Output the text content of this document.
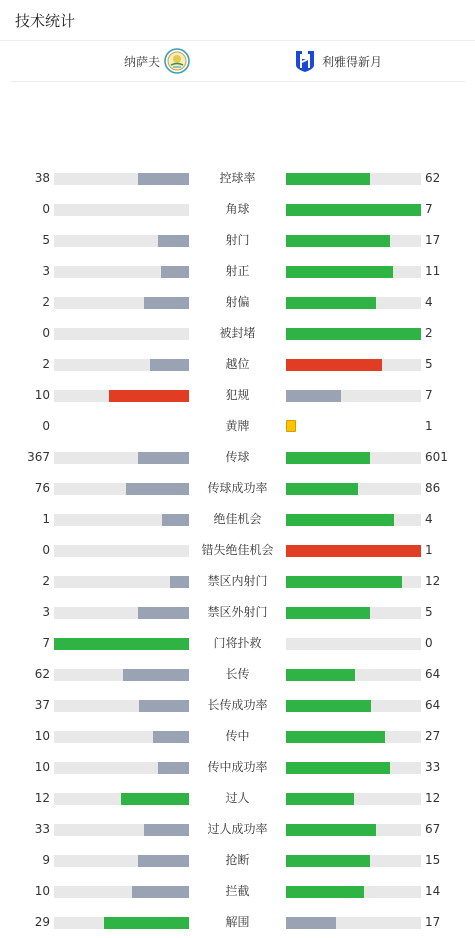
技术统计
纳萨夫	利雅得新月
38	控球率	62
0	角球	7
5	射门	17
3	射正	11
2	射偏	4
0	被封堵	2
2	越位	5
10	犯规	7
0	黄牌	1
367	传球	601
76	传球成功率	86
1	绝佳机会	4
0	错失绝佳机会	1
2	禁区内射门	12
3	禁区外射门	5
7	门将扑救	0
62	长传	64
37	长传成功率	64
10	传中	27
10	传中成功率	33
12	过人	12
33	过人成功率	67
9	抢断	15
10	拦截	14
29	解围	17
